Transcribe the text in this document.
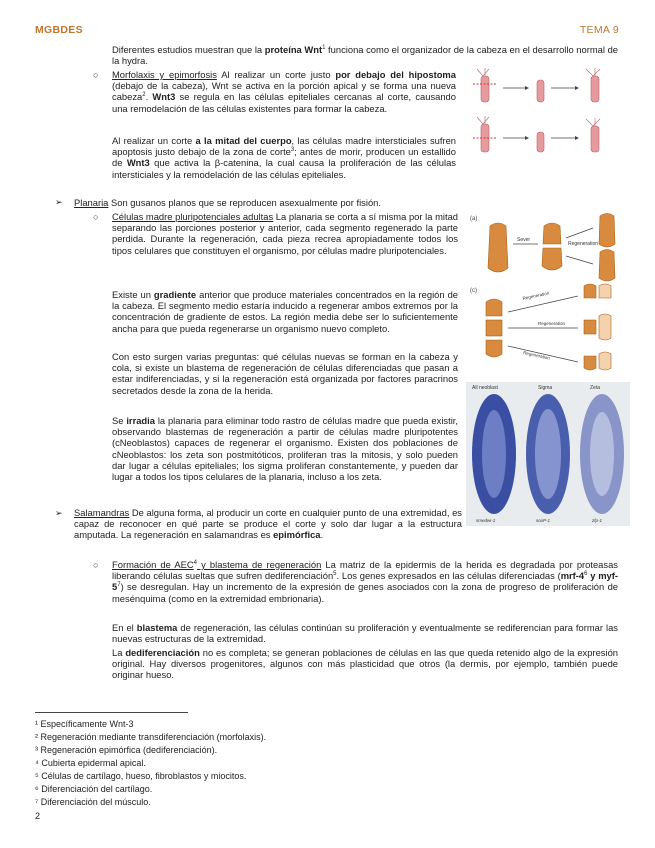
MGBDES	TEMA 9
Diferentes estudios muestran que la proteína Wnt$^1$ funciona como el organizador de la cabeza en el desarrollo normal de la hydra.
○ Morfolaxis y epimorfosis Al realizar un corte justo por debajo del hipostoma (debajo de la cabeza), Wnt se activa en la porción apical y se forma una nueva cabeza$^2$. Wnt3 se regula en las células epiteliales cercanas al corte, causando una remodelación de las células existentes para formar la cabeza.
Al realizar un corte a la mitad del cuerpo, las células madre intersticiales sufren apoptosis justo debajo de la zona de corte$^3$; antes de morir, producen un estallido de Wnt3 que activa la β-catenina, la cual causa la proliferación de las células intersticiales y la remodelación de las células epiteliales.
➢ Planaria Son gusanos planos que se reproducen asexualmente por fisión.
○ Células madre pluripotenciales adultas La planaria se corta a sí misma por la mitad separando las porciones posterior y anterior, cada segmento regenerado la parte perdida. Durante la regeneración, cada pieza recrea apropiadamente todos los tipos celulares que constituyen el organismo, por células madre pluripotenciales.
Existe un gradiente anterior que produce materiales concentrados en la región de la cabeza. El segmento medio estaría inducido a regenerar ambos extremos por la concentración de gradiente de estos. La región media debe ser lo suficientemente ancha para que pueda regenerarse un organismo nuevo completo.
Con esto surgen varias preguntas: qué células nuevas se forman en la cabeza y cola, si existe un blastema de regeneración de células diferenciadas que pasan a estar indiferenciadas, y si la regeneración está organizada por factores paracrinos secretados desde la zona de la herida.
Se irradia la planaria para eliminar todo rastro de células madre que pueda existir, observando blastemas de regeneración a partir de células madre pluripotentes (cNeoblastos) capaces de regenerar el organismo. Existen dos poblaciones de cNeoblastos: los zeta son postmitóticos, proliferan tras la mitosis, y solo pueden dar lugar a células epiteliales; los sigma proliferan constantemente, y pueden dar lugar a todos los tipos celulares de la planaria, incluso a los zeta.
(a)
Sever
Regeneration
(c)	Regeneration
Regeneration
Regeneration
All neoblast	Sigma	Zeta
smedwi-1	soxP-1	zfp-1
➢ Salamandras De alguna forma, al producir un corte en cualquier punto de una extremidad, es capaz de reconocer en qué parte se produce el corte y solo dar lugar a la estructura amputada. La regeneración en salamandras es epimórfica.
○ Formación de AEC$^4$ y blastema de regeneración La matriz de la epidermis de la herida es degradada por proteasas liberando células sueltas que sufren dediferenciación$^5$. Los genes expresados en las células diferenciadas ($mrf-4^6$ y myf-$5^7$) se desregulan. Hay un incremento de la expresión de genes asociados con la zona de progreso de proliferación de mesénquima (como en la extremidad embrionaria).
En el blastema de regeneración, las células continúan su proliferación y eventualmente se rediferencian para formar las nuevas estructuras de la extremidad.
La dediferenciación no es completa; se generan poblaciones de células en las que queda retenido algo de la expresión original. Hay diversos progenitores, algunos con más plasticidad que otros (la dermis, por ejemplo, también puede originar hueso.
¹ Específicamente Wnt-3
² Regeneración mediante transdiferenciación (morfolaxis).
³ Regeneración epimórfica (dediferenciación).
⁴ Cubierta epidermal apical.
⁵ Células de cartílago, hueso, fibroblastos y miocitos.
⁶ Diferenciación del cartílago.
⁷ Diferenciación del músculo.
2
